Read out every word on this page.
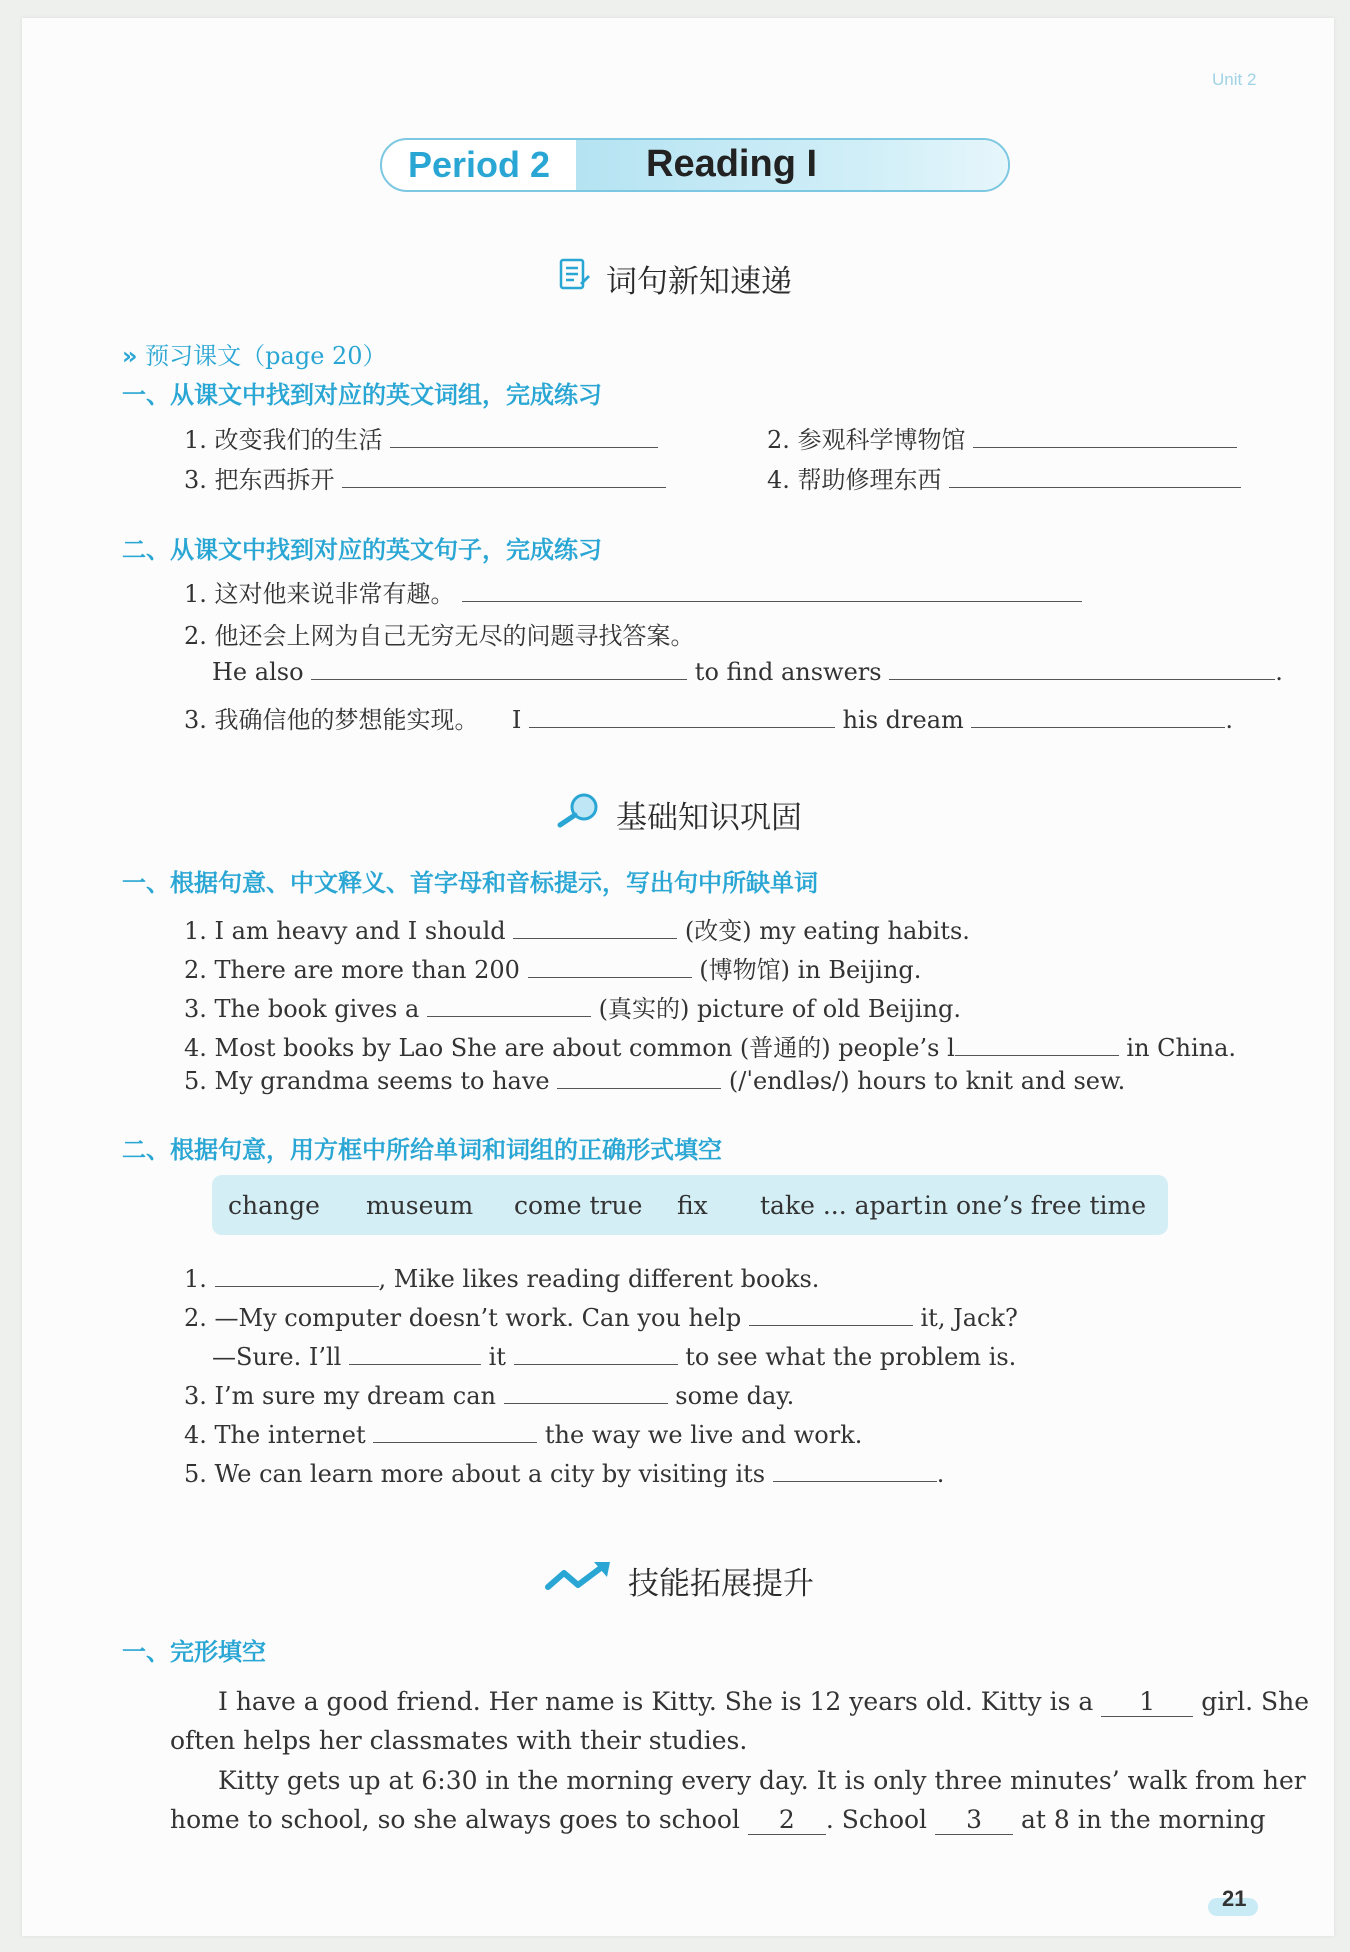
Unit 2
Period 2	Reading I
词句新知速递
» 预习课文（page 20）
一、从课文中找到对应的英文词组，完成练习
1. 改变我们的生活	2. 参观科学博物馆
3. 把东西拆开	4. 帮助修理东西
二、从课文中找到对应的英文句子，完成练习
1. 这对他来说非常有趣。
2. 他还会上网为自己无穷无尽的问题寻找答案。
He also	to find answers	.
3. 我确信他的梦想能实现。 I	his dream	.
基础知识巩固
一、根据句意、中文释义、首字母和音标提示，写出句中所缺单词
1. I am heavy and I should	(改变) my eating habits.
2. There are more than 200	(博物馆) in Beijing.
3. The book gives a	(真实的) picture of old Beijing.
4. Most books by Lao She are about common (普通的) people’s l	in China.
5. My grandma seems to have	(/ˈendləs/) hours to knit and sew.
二、根据句意，用方框中所给单词和词组的正确形式填空
change museum come true fix take ... apart in one’s free time
1.	, Mike likes reading different books.
2. —My computer doesn’t work. Can you help	it, Jack?
—Sure. I’ll	it	to see what the problem is.
3. I’m sure my dream can	some day.
4. The internet	the way we live and work.
5. We can learn more about a city by visiting its	.
技能拓展提升
一、完形填空
I have a good friend. Her name is Kitty. She is 12 years old. Kitty is a 1 girl. She
often helps her classmates with their studies.
Kitty gets up at 6:30 in the morning every day. It is only three minutes’ walk from her
home to school, so she always goes to school 2 . School 3 at 8 in the morning
21
